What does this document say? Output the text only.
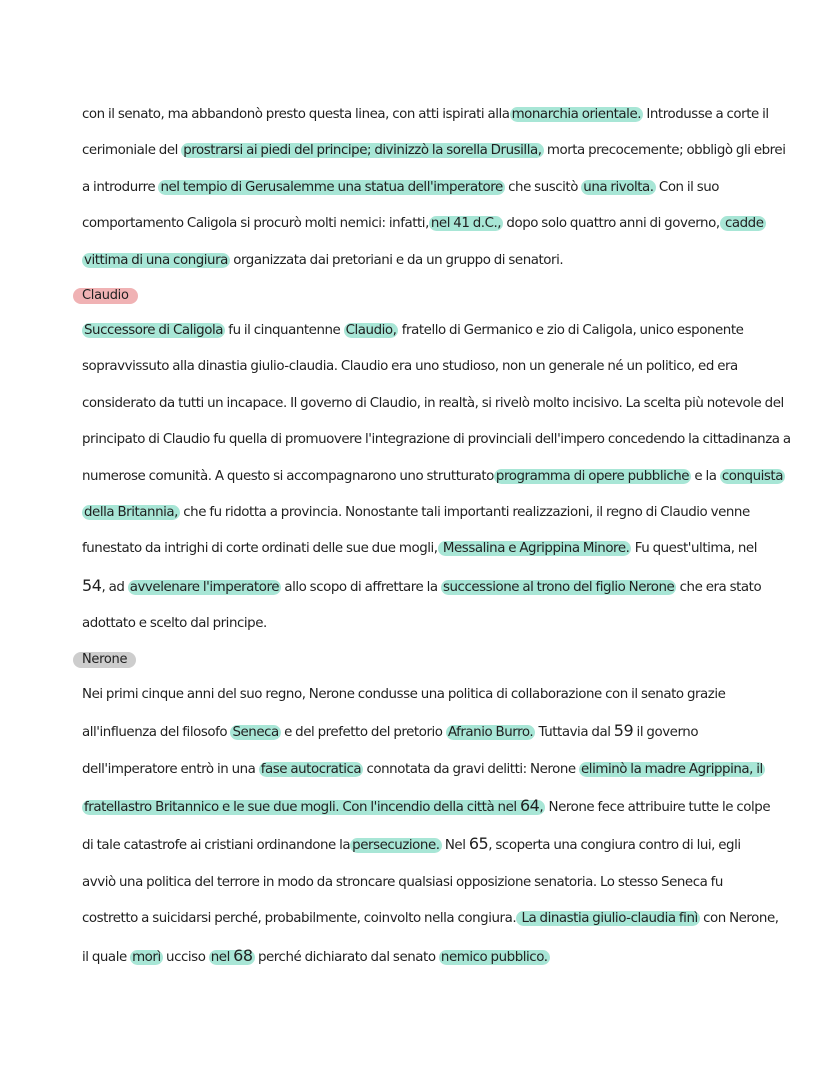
con il senato, ma abbandonò presto questa linea, con atti ispirati alla monarchia orientale. Introdusse a corte il
cerimoniale del prostrarsi ai piedi del principe; divinizzò la sorella Drusilla, morta precocemente; obbligò gli ebrei
a introdurre nel tempio di Gerusalemme una statua dell'imperatore che suscitò una rivolta. Con il suo
comportamento Caligola si procurò molti nemici: infatti, nel 41 d.C., dopo solo quattro anni di governo, cadde
vittima di una congiura organizzata dai pretoriani e da un gruppo di senatori.

Claudio

Successore di Caligola fu il cinquantenne Claudio, fratello di Germanico e zio di Caligola, unico esponente
sopravvissuto alla dinastia giulio-claudia. Claudio era uno studioso, non un generale né un politico, ed era
considerato da tutti un incapace. Il governo di Claudio, in realtà, si rivelò molto incisivo. La scelta più notevole del
principato di Claudio fu quella di promuovere l'integrazione di provinciali dell'impero concedendo la cittadinanza a
numerose comunità. A questo si accompagnarono uno strutturato programma di opere pubbliche e la conquista
della Britannia, che fu ridotta a provincia. Nonostante tali importanti realizzazioni, il regno di Claudio venne
funestato da intrighi di corte ordinati delle sue due mogli, Messalina e Agrippina Minore. Fu quest'ultima, nel
54, ad avvelenare l'imperatore allo scopo di affrettare la successione al trono del figlio Nerone che era stato
adottato e scelto dal principe.

Nerone

Nei primi cinque anni del suo regno, Nerone condusse una politica di collaborazione con il senato grazie
all'influenza del filosofo Seneca e del prefetto del pretorio Afranio Burro. Tuttavia dal 59 il governo
dell'imperatore entrò in una fase autocratica connotata da gravi delitti: Nerone eliminò la madre Agrippina, il
fratellastro Britannico e le sue due mogli. Con l'incendio della città nel 64, Nerone fece attribuire tutte le colpe
di tale catastrofe ai cristiani ordinandone la persecuzione. Nel 65, scoperta una congiura contro di lui, egli
avviò una politica del terrore in modo da stroncare qualsiasi opposizione senatoria. Lo stesso Seneca fu
costretto a suicidarsi perché, probabilmente, coinvolto nella congiura. La dinastia giulio-claudia finì con Nerone,
il quale morì ucciso nel 68 perché dichiarato dal senato nemico pubblico.
